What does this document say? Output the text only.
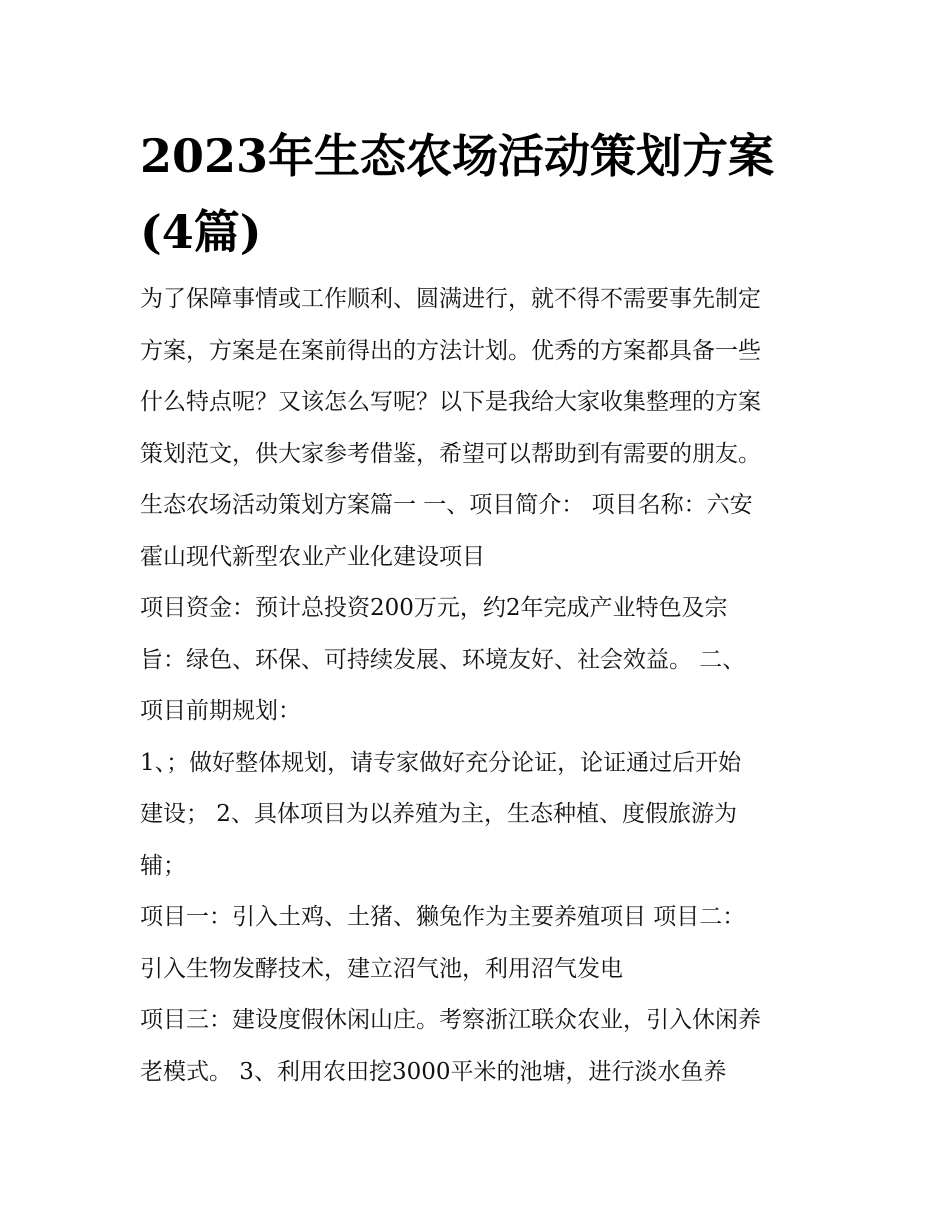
2023年生态农场活动策划方案
(4篇)
为了保障事情或工作顺利、圆满进行，就不得不需要事先制定
方案，方案是在案前得出的方法计划。优秀的方案都具备一些
什么特点呢？又该怎么写呢？以下是我给大家收集整理的方案
策划范文，供大家参考借鉴，希望可以帮助到有需要的朋友。
生态农场活动策划方案篇一 一、项目简介： 项目名称：六安
霍山现代新型农业产业化建设项目
项目资金：预计总投资200万元，约2年完成产业特色及宗
旨：绿色、环保、可持续发展、环境友好、社会效益。 二、
项目前期规划：
1、；做好整体规划，请专家做好充分论证，论证通过后开始
建设； 2、具体项目为以养殖为主，生态种植、度假旅游为
辅；
项目一：引入土鸡、土猪、獭兔作为主要养殖项目 项目二：
引入生物发酵技术，建立沼气池，利用沼气发电
项目三：建设度假休闲山庄。考察浙江联众农业，引入休闲养
老模式。 3、利用农田挖3000平米的池塘，进行淡水鱼养
